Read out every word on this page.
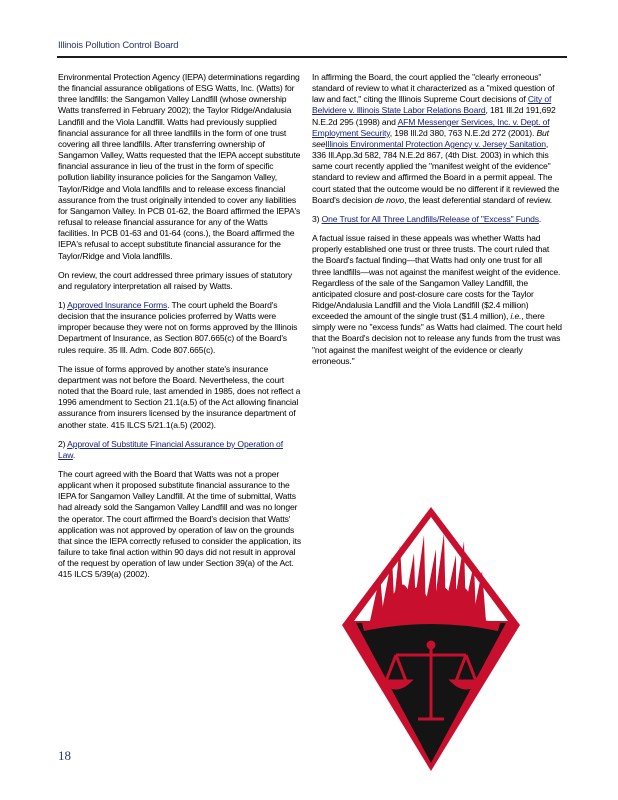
Illinois Pollution Control Board

Environmental Protection Agency (IEPA) determinations regarding the financial assurance obligations of ESG Watts, Inc. (Watts) for three landfills: the Sangamon Valley Landfill (whose ownership Watts transferred in February 2002); the Taylor Ridge/Andalusia Landfill and the Viola Landfill. Watts had previously supplied financial assurance for all three landfills in the form of one trust covering all three landfills. After transferring ownership of Sangamon Valley, Watts requested that the IEPA accept substitute financial assurance in lieu of the trust in the form of specific pollution liability insurance policies for the Sangamon Valley, Taylor/Ridge and Viola landfills and to release excess financial assurance from the trust originally intended to cover any liabilities for Sangamon Valley. In PCB 01-62, the Board affirmed the IEPA's refusal to release financial assurance for any of the Watts facilities. In PCB 01-63 and 01-64 (cons.), the Board affirmed the IEPA's refusal to accept substitute financial assurance for the Taylor/Ridge and Viola landfills.

On review, the court addressed three primary issues of statutory and regulatory interpretation all raised by Watts.

1) Approved Insurance Forms. The court upheld the Board's decision that the insurance policies proferred by Watts were improper because they were not on forms approved by the Illinois Department of Insurance, as Section 807.665(c) of the Board's rules require. 35 Ill. Adm. Code 807.665(c).

The issue of forms approved by another state's insurance department was not before the Board. Nevertheless, the court noted that the Board rule, last amended in 1985, does not reflect a 1996 amendment to Section 21.1(a.5) of the Act allowing financial assurance from insurers licensed by the insurance department of another state. 415 ILCS 5/21.1(a.5) (2002).

2) Approval of Substitute Financial Assurance by Operation of Law.

The court agreed with the Board that Watts was not a proper applicant when it proposed substitute financial assurance to the IEPA for Sangamon Valley Landfill. At the time of submittal, Watts had already sold the Sangamon Valley Landfill and was no longer the operator. The court affirmed the Board's decision that Watts' application was not approved by operation of law on the grounds that since the IEPA correctly refused to consider the application, its failure to take final action within 90 days did not result in approval of the request by operation of law under Section 39(a) of the Act. 415 ILCS 5/39(a) (2002).

In affirming the Board, the court applied the "clearly erroneous" standard of review to what it characterized as a "mixed question of law and fact," citing the Illinois Supreme Court decisions of City of Belvidere v. Illinois State Labor Relations Board, 181 Ill.2d 191,692 N.E.2d 295 (1998) and AFM Messenger Services, Inc. v. Dept. of Employment Security, 198 Ill.2d 380, 763 N.E.2d 272 (2001). But seeIllinois Environmental Protection Agency v. Jersey Sanitation, 336 Ill.App.3d 582, 784 N.E.2d 867, (4th Dist. 2003) in which this same court recently applied the "manifest weight of the evidence" standard to review and affirmed the Board in a permit appeal. The court stated that the outcome would be no different if it reviewed the Board's decision de novo, the least deferential standard of review.

3) One Trust for All Three Landfills/Release of "Excess" Funds.

A factual issue raised in these appeals was whether Watts had properly established one trust or three trusts. The court ruled that the Board's factual finding—that Watts had only one trust for all three landfills—was not against the manifest weight of the evidence. Regardless of the sale of the Sangamon Valley Landfill, the anticipated closure and post-closure care costs for the Taylor Ridge/Andalusia Landfill and the Viola Landfill ($2.4 million) exceeded the amount of the single trust ($1.4 million), i.e., there simply were no "excess funds" as Watts had claimed. The court held that the Board's decision not to release any funds from the trust was "not against the manifest weight of the evidence or clearly erroneous."

18
